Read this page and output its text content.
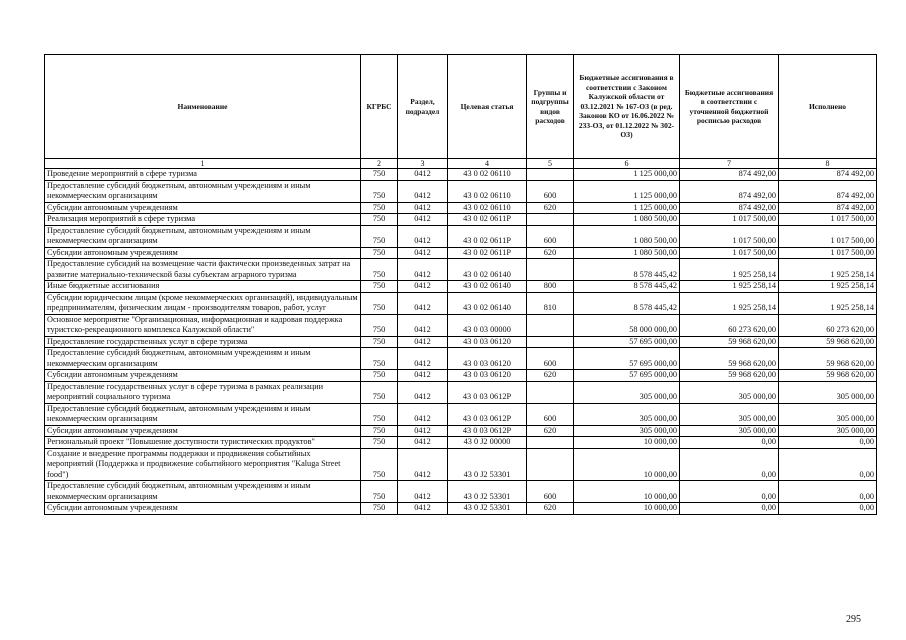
Наименование	КГРБС	Раздел, подраздел	Целевая статья	Группы и подгруппы видов расходов	Бюджетные ассигнования в соответствии с Законом Калужской области от 03.12.2021 № 167-ОЗ (в ред. Законов КО от 16.06.2022 № 233-ОЗ, от 01.12.2022 № 302-ОЗ)	Бюджетные ассигнования в соответствии с уточненной бюджетной росписью расходов	Исполнено
1	2	3	4	5	6	7	8
Проведение мероприятий в сфере туризма	750	0412	43 0 02 06110		1 125 000,00	874 492,00	874 492,00
Предоставление субсидий бюджетным, автономным учреждениям и иным некоммерческим организациям	750	0412	43 0 02 06110	600	1 125 000,00	874 492,00	874 492,00
Субсидии автономным учреждениям	750	0412	43 0 02 06110	620	1 125 000,00	874 492,00	874 492,00
Реализация мероприятий в сфере туризма	750	0412	43 0 02 0611Р		1 080 500,00	1 017 500,00	1 017 500,00
Предоставление субсидий бюджетным, автономным учреждениям и иным некоммерческим организациям	750	0412	43 0 02 0611Р	600	1 080 500,00	1 017 500,00	1 017 500,00
Субсидии автономным учреждениям	750	0412	43 0 02 0611Р	620	1 080 500,00	1 017 500,00	1 017 500,00
Предоставление субсидий на возмещение части фактически произведенных затрат на развитие материально-технической базы субъектам аграрного туризма	750	0412	43 0 02 06140		8 578 445,42	1 925 258,14	1 925 258,14
Иные бюджетные ассигнования	750	0412	43 0 02 06140	800	8 578 445,42	1 925 258,14	1 925 258,14
Субсидии юридическим лицам (кроме некоммерческих организаций), индивидуальным предпринимателям, физическим лицам - производителям товаров, работ, услуг	750	0412	43 0 02 06140	810	8 578 445,42	1 925 258,14	1 925 258,14
Основное мероприятие "Организационная, информационная и кадровая поддержка туристско-рекреационного комплекса Калужской области"	750	0412	43 0 03 00000		58 000 000,00	60 273 620,00	60 273 620,00
Предоставление государственных услуг в сфере туризма	750	0412	43 0 03 06120		57 695 000,00	59 968 620,00	59 968 620,00
Предоставление субсидий бюджетным, автономным учреждениям и иным некоммерческим организациям	750	0412	43 0 03 06120	600	57 695 000,00	59 968 620,00	59 968 620,00
Субсидии автономным учреждениям	750	0412	43 0 03 06120	620	57 695 000,00	59 968 620,00	59 968 620,00
Предоставление государственных услуг в сфере туризма в рамках реализации мероприятий социального туризма	750	0412	43 0 03 0612Р		305 000,00	305 000,00	305 000,00
Предоставление субсидий бюджетным, автономным учреждениям и иным некоммерческим организациям	750	0412	43 0 03 0612Р	600	305 000,00	305 000,00	305 000,00
Субсидии автономным учреждениям	750	0412	43 0 03 0612Р	620	305 000,00	305 000,00	305 000,00
Региональный проект "Повышение доступности туристических продуктов"	750	0412	43 0 J2 00000		10 000,00	0,00	0,00
Создание и внедрение программы поддержки и продвижения событийных мероприятий (Поддержка и продвижение событийного мероприятия "Kaluga Street food")	750	0412	43 0 J2 53301		10 000,00	0,00	0,00
Предоставление субсидий бюджетным, автономным учреждениям и иным некоммерческим организациям	750	0412	43 0 J2 53301	600	10 000,00	0,00	0,00
Субсидии автономным учреждениям	750	0412	43 0 J2 53301	620	10 000,00	0,00	0,00
295
